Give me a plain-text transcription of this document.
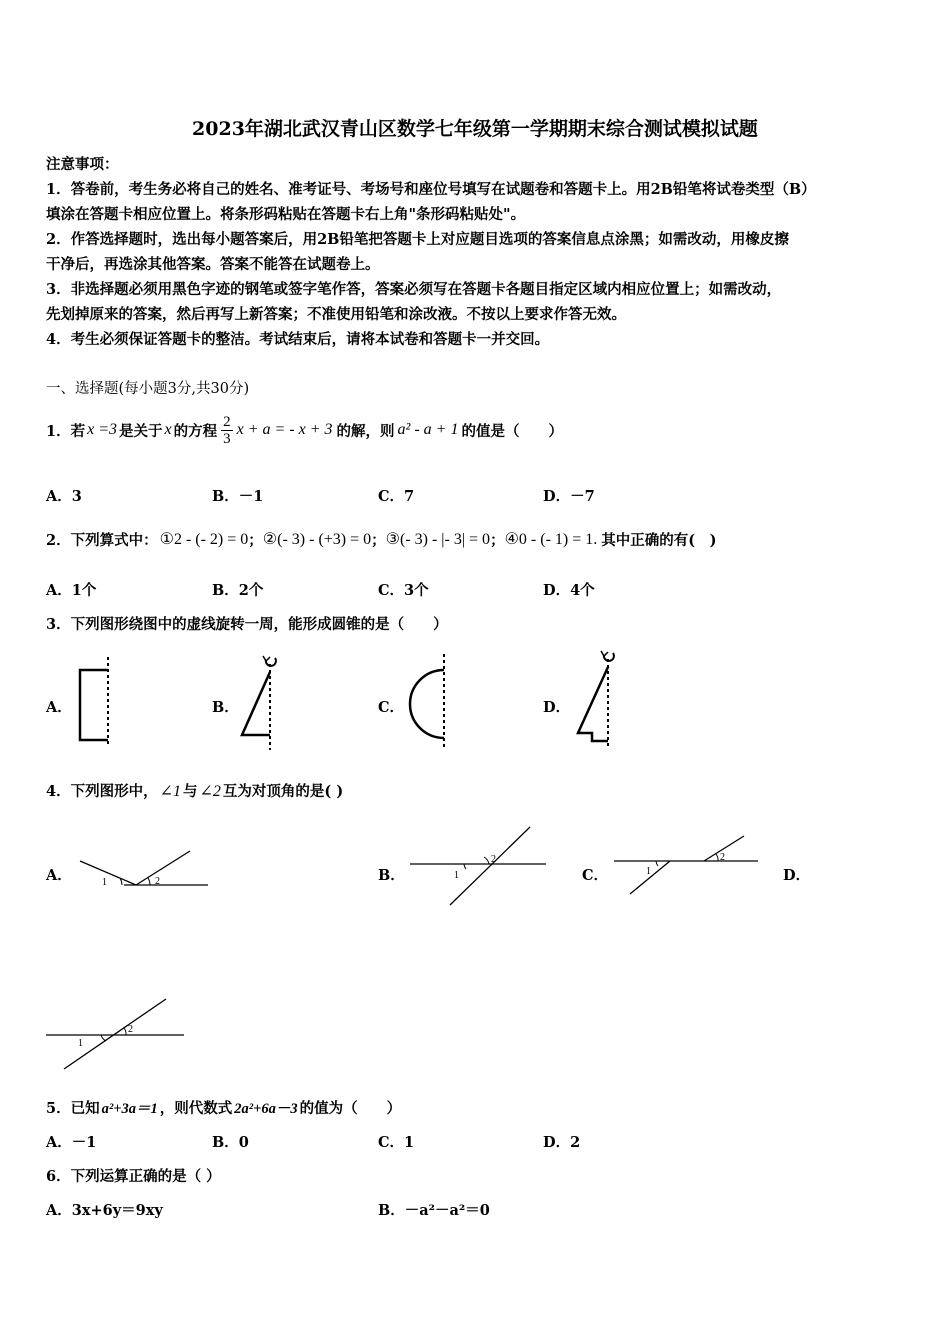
2023年湖北武汉青山区数学七年级第一学期期末综合测试模拟试题
注意事项：
1．答卷前，考生务必将自己的姓名、准考证号、考场号和座位号填写在试题卷和答题卡上。用2B铅笔将试卷类型（B）
填涂在答题卡相应位置上。将条形码粘贴在答题卡右上角"条形码粘贴处"。
2．作答选择题时，选出每小题答案后，用2B铅笔把答题卡上对应题目选项的答案信息点涂黑；如需改动，用橡皮擦
干净后，再选涂其他答案。答案不能答在试题卷上。
3．非选择题必须用黑色字迹的钢笔或签字笔作答，答案必须写在答题卡各题目指定区域内相应位置上；如需改动，
先划掉原来的答案，然后再写上新答案；不准使用铅笔和涂改液。不按以上要求作答无效。
4．考生必须保证答题卡的整洁。考试结束后，请将本试卷和答题卡一并交回。
一、选择题(每小题3分,共30分)
1．若 x =3 是关于 x 的方程 $\frac{2}{3}$ x + a = - x + 3 的解，则 a² - a + 1 的值是（　　）
A．3	B．－1	C．7	D．－7
2．下列算式中： ①2 - (- 2) = 0 ； ②(- 3) - (+3) = 0 ； ③(- 3) - |- 3| = 0 ； ④0 - (- 1) = 1. 其中正确的有(　)
A．1个	B．2个	C．3个	D．4个
3．下列图形绕图中的虚线旋转一周，能形成圆锥的是（　　）
A．	B．	C．	D．
4．下列图形中， ∠1 与 ∠2 互为对顶角的是( )
A．	B．	C．	D．
1	2
2
1	1
2
2
1
5．已知 a²+3a＝1 ，则代数式 2a²+6a－3 的值为（　　）
A．－1	B．0	C．1	D．2
6．下列运算正确的是（ ）
A．3x+6y＝9xy	B．－a²－a²＝0
